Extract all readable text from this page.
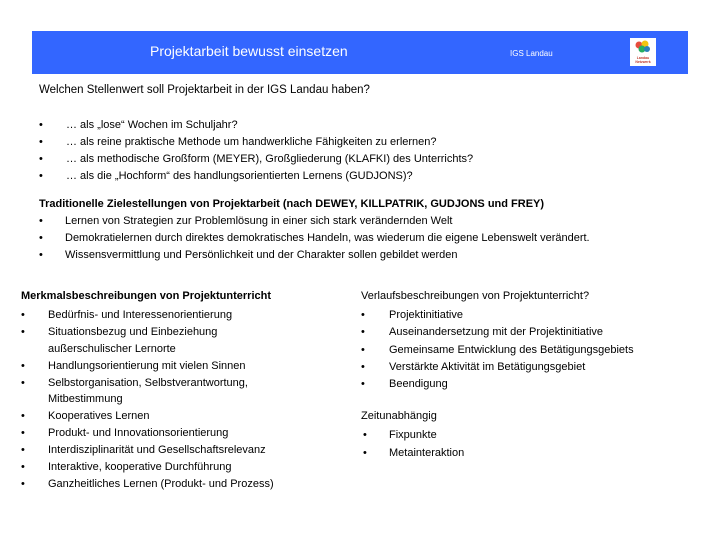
Projektarbeit bewusst einsetzen	IGS Landau	Landau Netzwerk
Welchen Stellenwert soll Projektarbeit in der IGS Landau haben?
• … als „lose“ Wochen im Schuljahr?
• … als reine praktische Methode um handwerkliche Fähigkeiten zu erlernen?
• … als methodische Großform (MEYER), Großgliederung (KLAFKI) des Unterrichts?
• … als die „Hochform“ des handlungsorientierten Lernens (GUDJONS)?
Traditionelle Zielestellungen von Projektarbeit (nach DEWEY, KILLPATRIK, GUDJONS und FREY)
• Lernen von Strategien zur Problemlösung in einer sich stark verändernden Welt
• Demokratielernen durch direktes demokratisches Handeln, was wiederum die eigene Lebenswelt verändert.
• Wissensvermittlung und Persönlichkeit und der Charakter sollen gebildet werden
Merkmalsbeschreibungen von Projektunterricht
• Bedürfnis- und Interessenorientierung
• Situationsbezug und Einbeziehung außerschulischer Lernorte
• Handlungsorientierung mit vielen Sinnen
• Selbstorganisation, Selbstverantwortung, Mitbestimmung
• Kooperatives Lernen
• Produkt- und Innovationsorientierung
• Interdisziplinarität und Gesellschaftsrelevanz
• Interaktive, kooperative Durchführung
• Ganzheitliches Lernen (Produkt- und Prozess)
Verlaufsbeschreibungen von Projektunterricht?
• Projektinitiative
• Auseinandersetzung mit der Projektinitiative
• Gemeinsame Entwicklung des Betätigungsgebiets
• Verstärkte Aktivität im Betätigungsgebiet
• Beendigung
Zeitunabhängig
• Fixpunkte
• Metainteraktion
